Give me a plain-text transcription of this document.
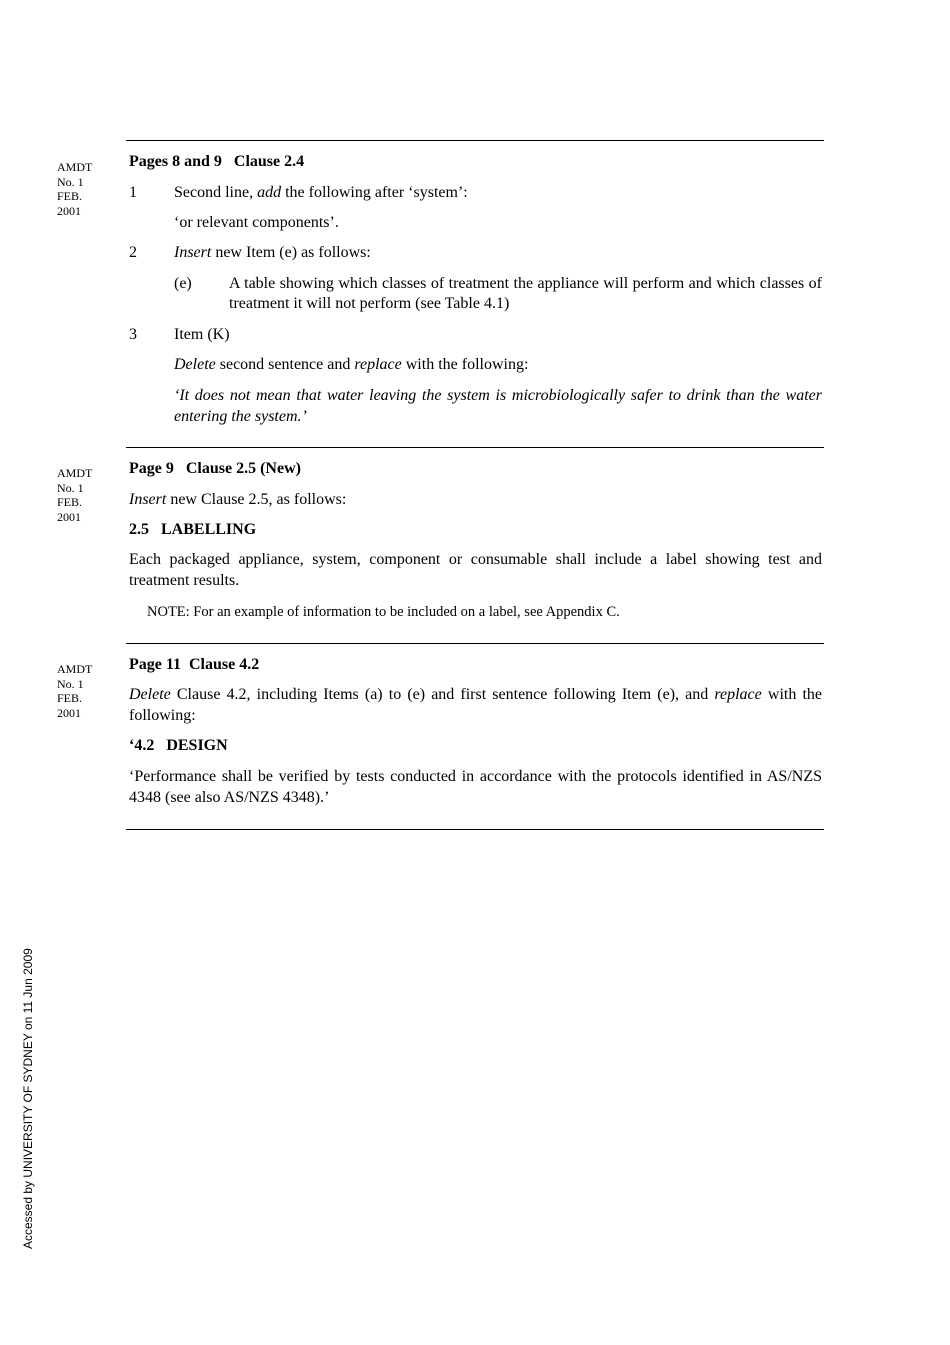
AMDT
No. 1
FEB.
2001
AMDT
No. 1
FEB.
2001
AMDT
No. 1
FEB.
2001
Pages 8 and 9   Clause 2.4
1 Second line, add the following after ‘system’:
‘or relevant components’.
2 Insert new Item (e) as follows:
(e) A table showing which classes of treatment the appliance will perform and which classes of treatment it will not perform (see Table 4.1)
3 Item (K)
Delete second sentence and replace with the following:
‘It does not mean that water leaving the system is microbiologically safer to drink than the water entering the system.’
Page 9   Clause 2.5 (New)
Insert new Clause 2.5, as follows:
2.5   LABELLING
Each packaged appliance, system, component or consumable shall include a label showing test and treatment results.
NOTE: For an example of information to be included on a label, see Appendix C.
Page 11  Clause 4.2
Delete Clause 4.2, including Items (a) to (e) and first sentence following Item (e), and replace with the following:
‘4.2   DESIGN
‘Performance shall be verified by tests conducted in accordance with the protocols identified in AS/NZS 4348 (see also AS/NZS 4348).’
Accessed by UNIVERSITY OF SYDNEY on 11 Jun 2009
